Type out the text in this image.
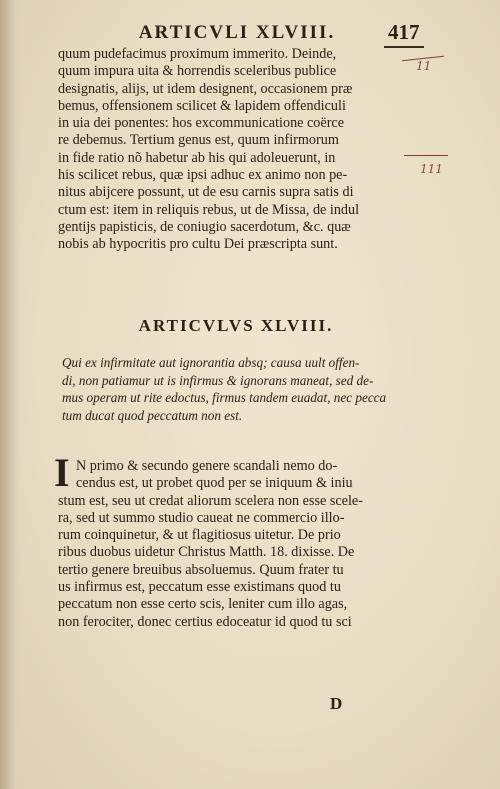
ARTICVLI XLVIII.	417
11
111
quum pudefacimus proximum immerito. Deinde,
quum impura uita & horrendis sceleribus publice
designatis, alijs, ut idem designent, occasionem præ
bemus, offensionem scilicet & lapidem offendiculi
in uia dei ponentes: hos excommunicatione coërce
re debemus. Tertium genus est, quum infirmorum
in fide ratio nõ habetur ab his qui adoleuerunt, in
his scilicet rebus, quæ ipsi adhuc ex animo non pe-
nitus abijcere possunt, ut de esu carnis supra satis di
ctum est: item in reliquis rebus, ut de Missa, de indul
gentijs papisticis, de coniugio sacerdotum, &c. quæ
nobis ab hypocritis pro cultu Dei præscripta sunt.
ARTICVLVS XLVIII.
Qui ex infirmitate aut ignorantia absq; causa uult offen-
di, non patiamur ut is infirmus & ignorans maneat, sed de-
mus operam ut rite edoctus, firmus tandem euadat, nec pecca
tum ducat quod peccatum non est.
I N primo & secundo genere scandali nemo do-
cendus est, ut probet quod per se iniquum & iniu
stum est, seu ut credat aliorum scelera non esse scele-
ra, sed ut summo studio caueat ne commercio illo-
rum coinquinetur, & ut flagitiosus uitetur. De prio
ribus duobus uidetur Christus Matth. 18. dixisse. De
tertio genere breuibus absoluemus. Quum frater tu
us infirmus est, peccatum esse existimans quod tu
peccatum non esse certo scis, leniter cum illo agas,
non ferociter, donec certius edoceatur id quod tu sci
D
